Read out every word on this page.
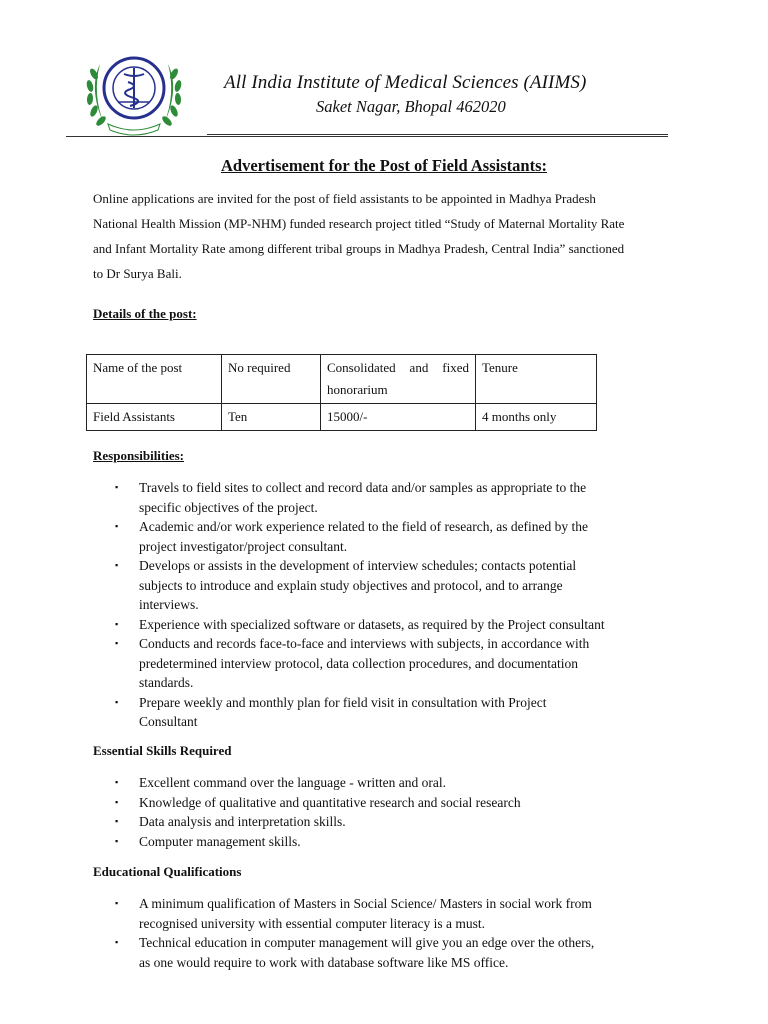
All India Institute of Medical Sciences (AIIMS)
Saket Nagar, Bhopal 462020
Advertisement for the Post of Field Assistants:
Online applications are invited for the post of field assistants to be appointed in Madhya Pradesh
National Health Mission (MP-NHM) funded research project titled “Study of Maternal Mortality Rate
and Infant Mortality Rate among different tribal groups in Madhya Pradesh, Central India” sanctioned
to Dr Surya Bali.
Details of the post:
Name of the post	No required	Consolidated and fixed honorarium	Tenure
Field Assistants	Ten	15000/-	4 months only
Responsibilities:
▪ Travels to field sites to collect and record data and/or samples as appropriate to the
specific objectives of the project.
▪ Academic and/or work experience related to the field of research, as defined by the
project investigator/project consultant.
▪ Develops or assists in the development of interview schedules; contacts potential
subjects to introduce and explain study objectives and protocol, and to arrange
interviews.
▪ Experience with specialized software or datasets, as required by the Project consultant
▪ Conducts and records face-to-face and interviews with subjects, in accordance with
predetermined interview protocol, data collection procedures, and documentation
standards.
▪ Prepare weekly and monthly plan for field visit in consultation with Project
Consultant
Essential Skills Required
▪ Excellent command over the language - written and oral.
▪ Knowledge of qualitative and quantitative research and social research
▪ Data analysis and interpretation skills.
▪ Computer management skills.
Educational Qualifications
▪ A minimum qualification of Masters in Social Science/ Masters in social work from
recognised university with essential computer literacy is a must.
▪ Technical education in computer management will give you an edge over the others,
as one would require to work with database software like MS office.
